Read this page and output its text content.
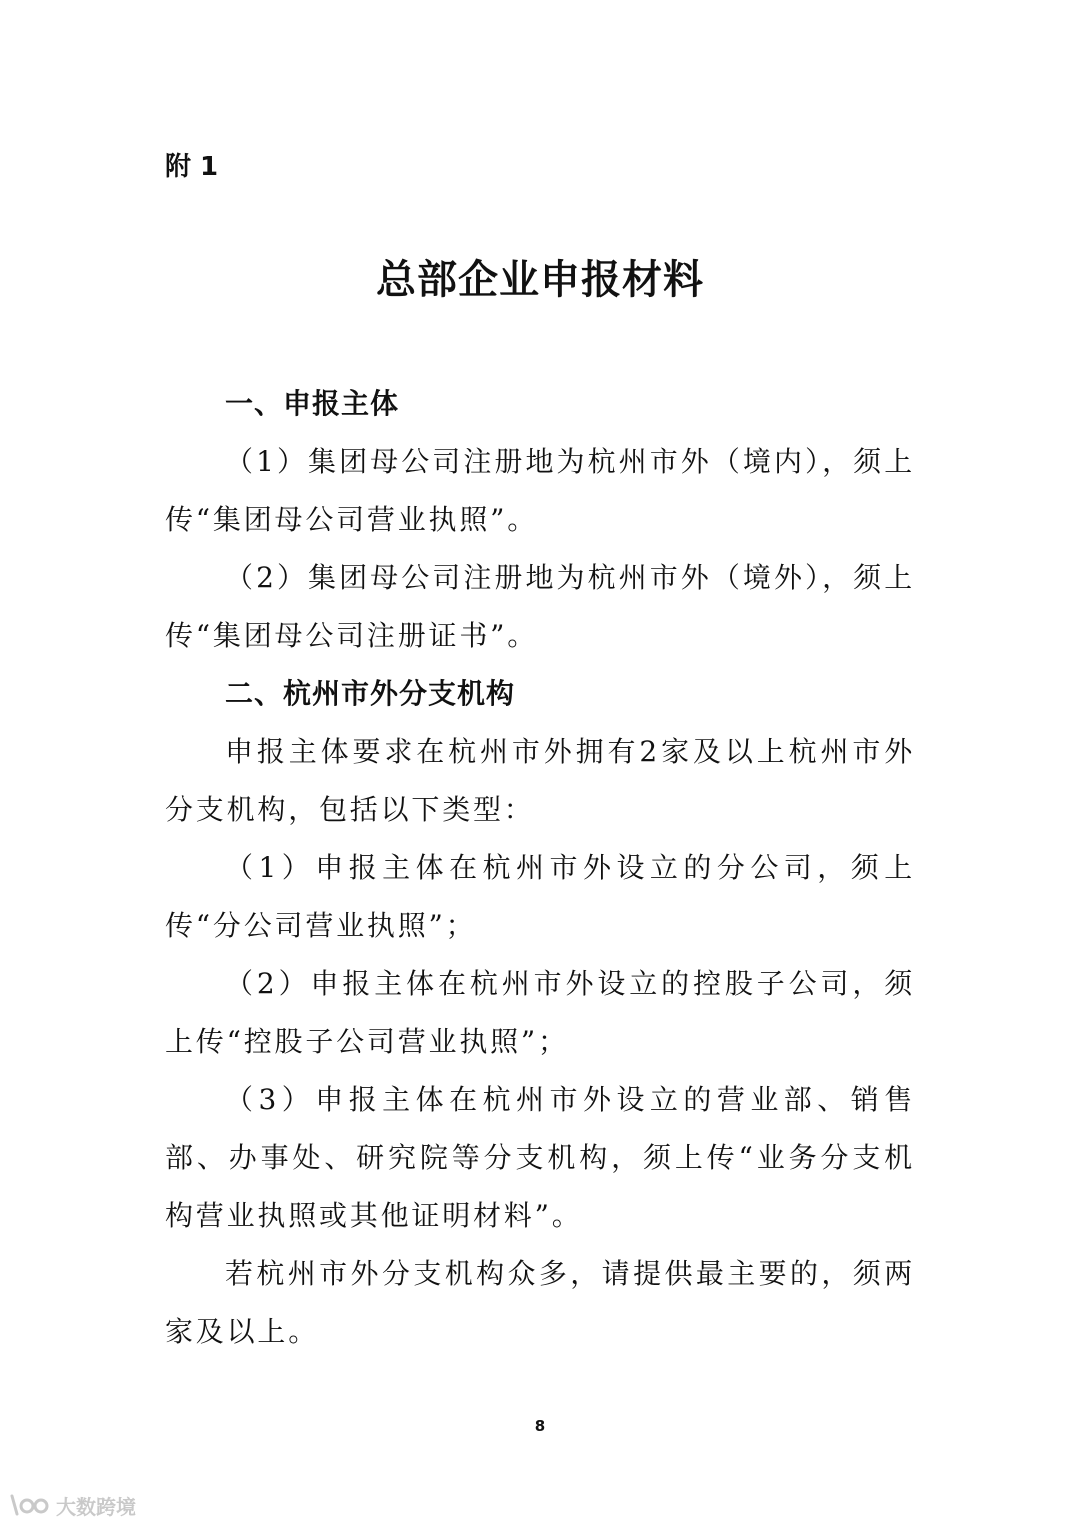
附 1
总部企业申报材料

一、申报主体

（1）集团母公司注册地为杭州市外（境内），须上传“集团母公司营业执照”。

（2）集团母公司注册地为杭州市外（境外），须上传“集团母公司注册证书”。

二、杭州市外分支机构

申报主体要求在杭州市外拥有2家及以上杭州市外分支机构，包括以下类型：

（1）申报主体在杭州市外设立的分公司，须上传“分公司营业执照”；

（2）申报主体在杭州市外设立的控股子公司，须上传“控股子公司营业执照”；

（3）申报主体在杭州市外设立的营业部、销售部、办事处、研究院等分支机构，须上传“业务分支机构营业执照或其他证明材料”。

若杭州市外分支机构众多，请提供最主要的，须两家及以上。

8
大数跨境
